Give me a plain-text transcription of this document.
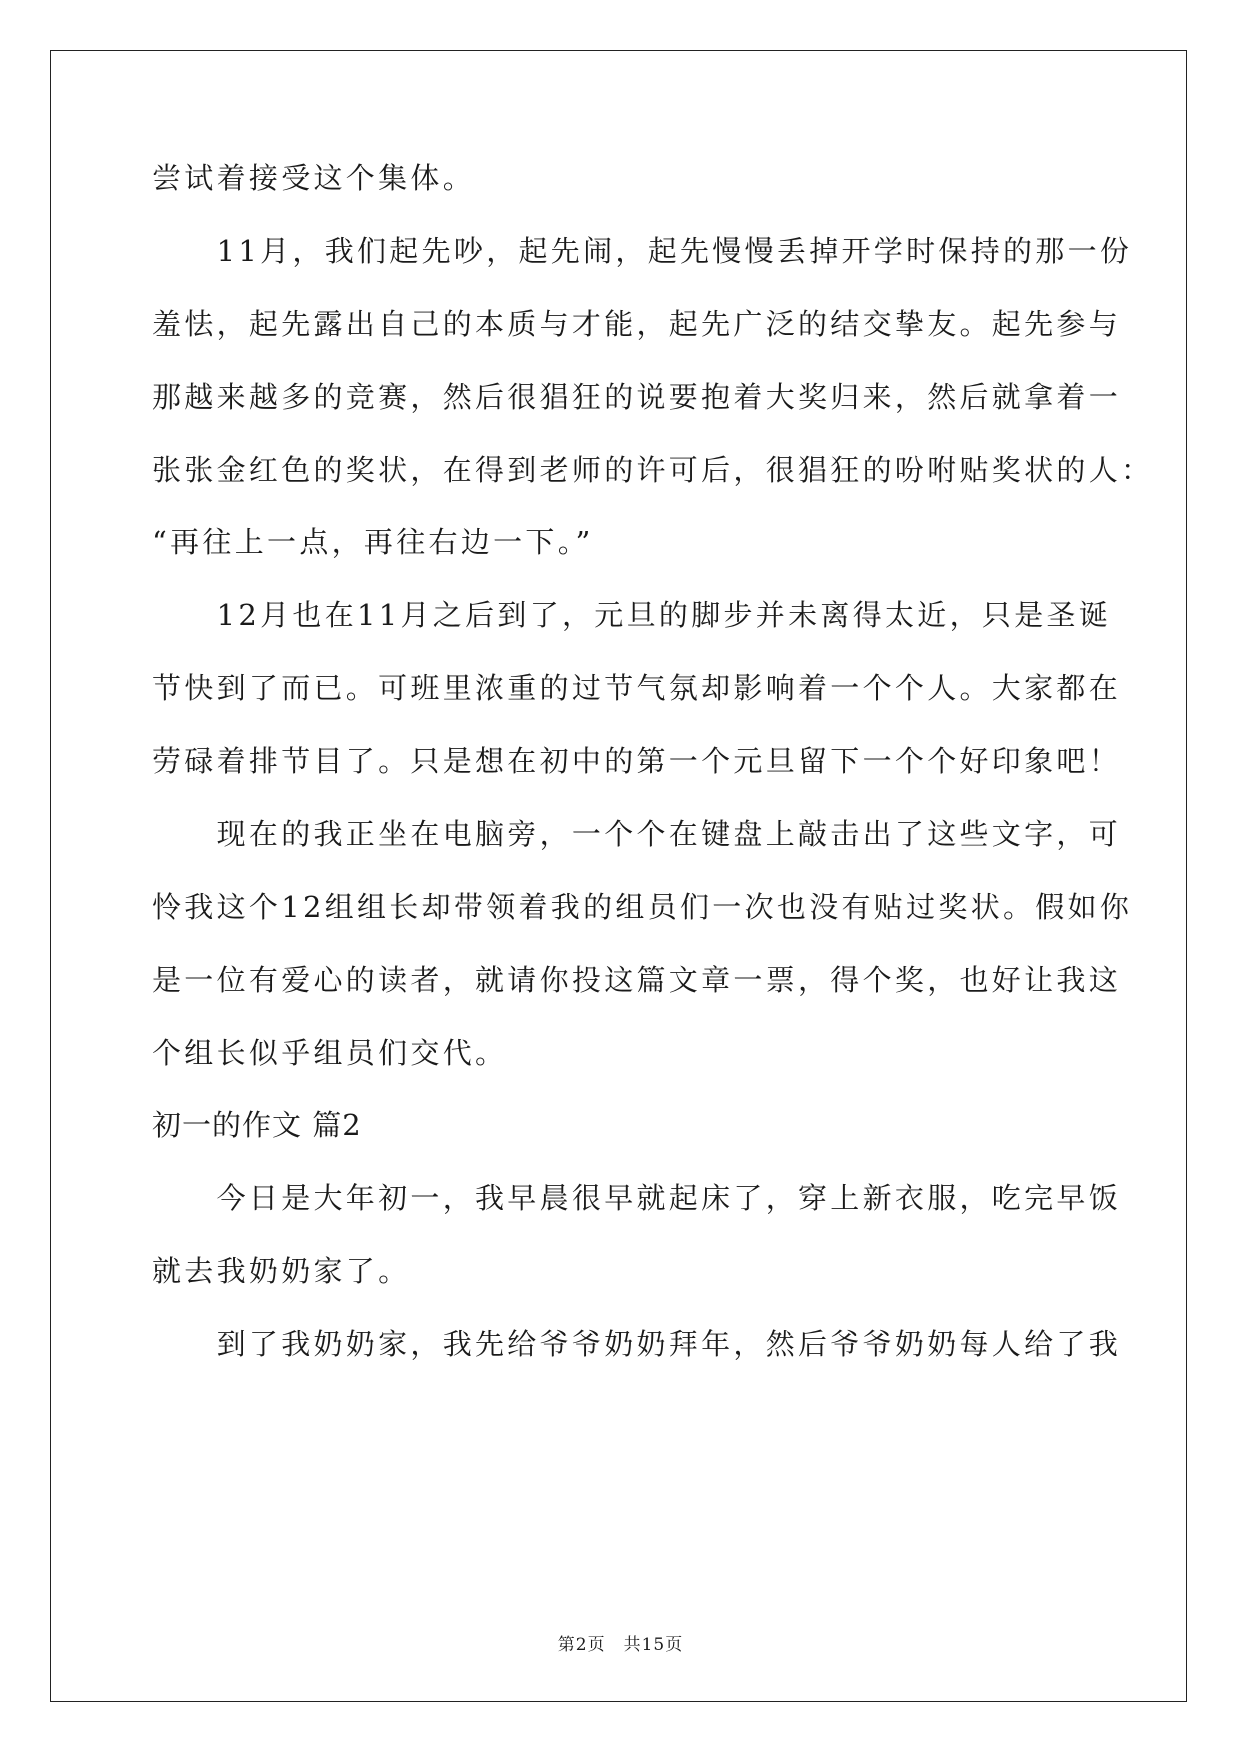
尝试着接受这个集体。
　　11月，我们起先吵，起先闹，起先慢慢丢掉开学时保持的那一份
羞怯，起先露出自己的本质与才能，起先广泛的结交挚友。起先参与
那越来越多的竞赛，然后很猖狂的说要抱着大奖归来，然后就拿着一
张张金红色的奖状，在得到老师的许可后，很猖狂的吩咐贴奖状的人：
“再往上一点，再往右边一下。”
　　12月也在11月之后到了，元旦的脚步并未离得太近，只是圣诞
节快到了而已。可班里浓重的过节气氛却影响着一个个人。大家都在
劳碌着排节目了。只是想在初中的第一个元旦留下一个个好印象吧！
　　现在的我正坐在电脑旁，一个个在键盘上敲击出了这些文字，可
怜我这个12组组长却带领着我的组员们一次也没有贴过奖状。假如你
是一位有爱心的读者，就请你投这篇文章一票，得个奖，也好让我这
个组长似乎组员们交代。
初一的作文 篇2
　　今日是大年初一，我早晨很早就起床了，穿上新衣服，吃完早饭
就去我奶奶家了。
　　到了我奶奶家，我先给爷爷奶奶拜年，然后爷爷奶奶每人给了我
第2页　共15页
